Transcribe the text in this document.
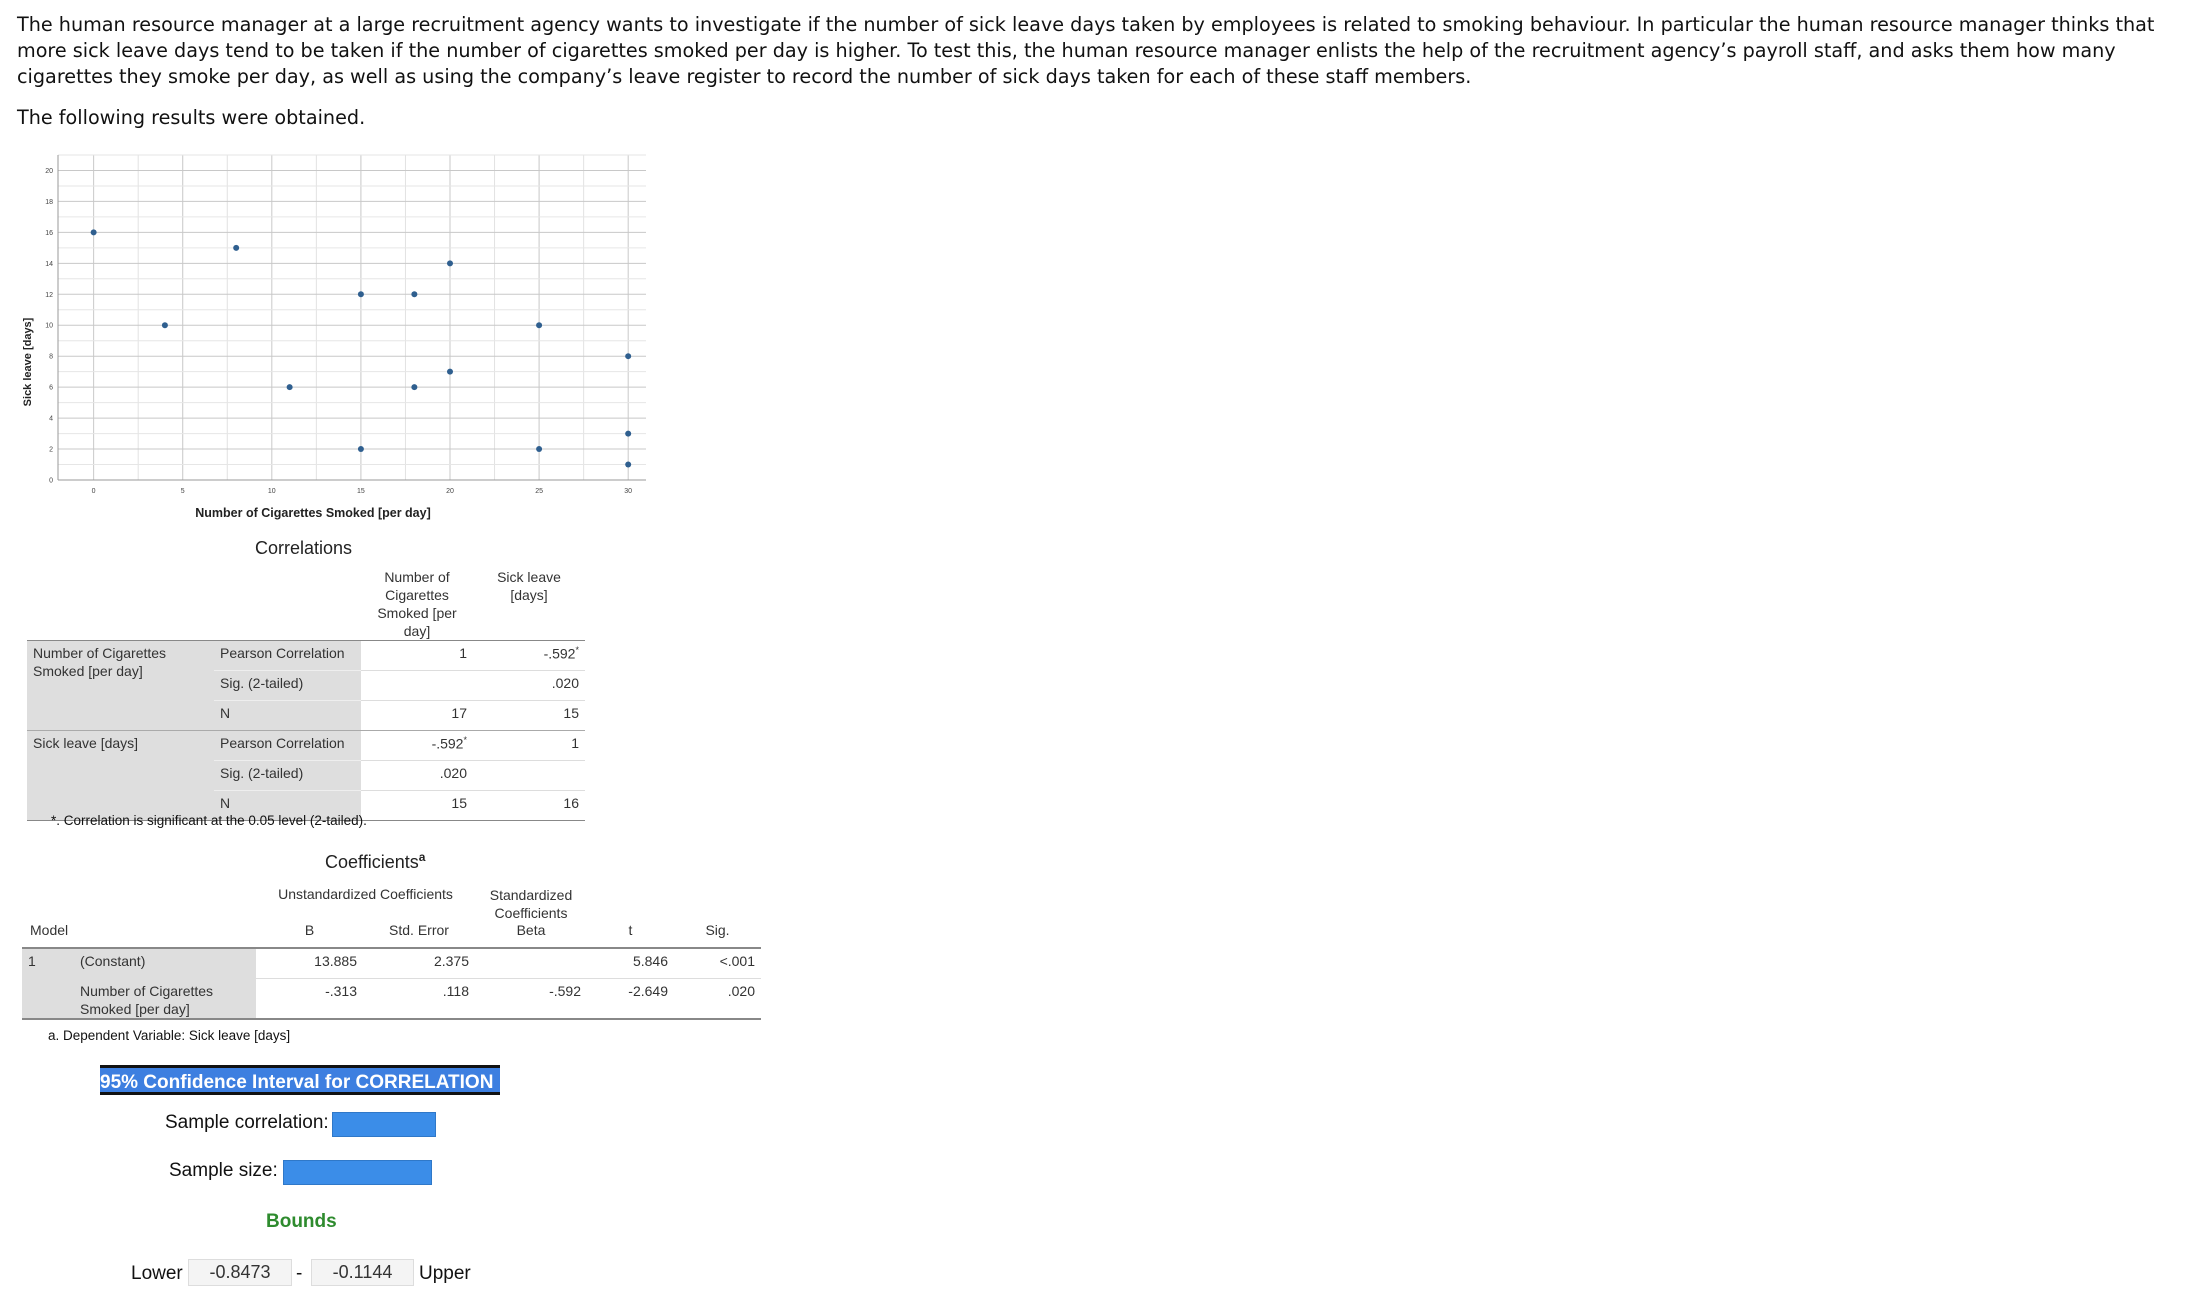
The human resource manager at a large recruitment agency wants to investigate if the number of sick leave days taken by employees is related to smoking behaviour. In particular the human resource manager thinks that more sick leave days tend to be taken if the number of cigarettes smoked per day is higher. To test this, the human resource manager enlists the help of the recruitment agency’s payroll staff, and asks them how many cigarettes they smoke per day, as well as using the company’s leave register to record the number of sick days taken for each of these staff members.

The following results were obtained.

0	5	10	15	20	25	30
0
2
4
6
8
10
12
14
16
18
20
Number of Cigarettes Smoked [per day]
Sick leave [days]
Correlations
		Number of
Cigarettes
Smoked [per
day]	Sick leave
[days]
Number of Cigarettes
Smoked [per day]	Pearson Correlation	1	-.592*
	Sig. (2-tailed)		.020
	N	17	15
Sick leave [days]	Pearson Correlation	-.592*	1
	Sig. (2-tailed)	.020	
	N	15	16
*. Correlation is significant at the 0.05 level (2-tailed).
Coefficients$^a$
		Unstandardized Coefficients		Standardized
Coefficients		
Model		B	Std. Error	Beta	t	Sig.
1	(Constant)	13.885	2.375		5.846	<.001
	Number of Cigarettes
Smoked [per day]	-.313	.118	-.592	-2.649	.020
a. Dependent Variable: Sick leave [days]
95% Confidence Interval for CORRELATION
Sample correlation:
Sample size:
Bounds
Lower	-0.8473	-	-0.1144	Upper
